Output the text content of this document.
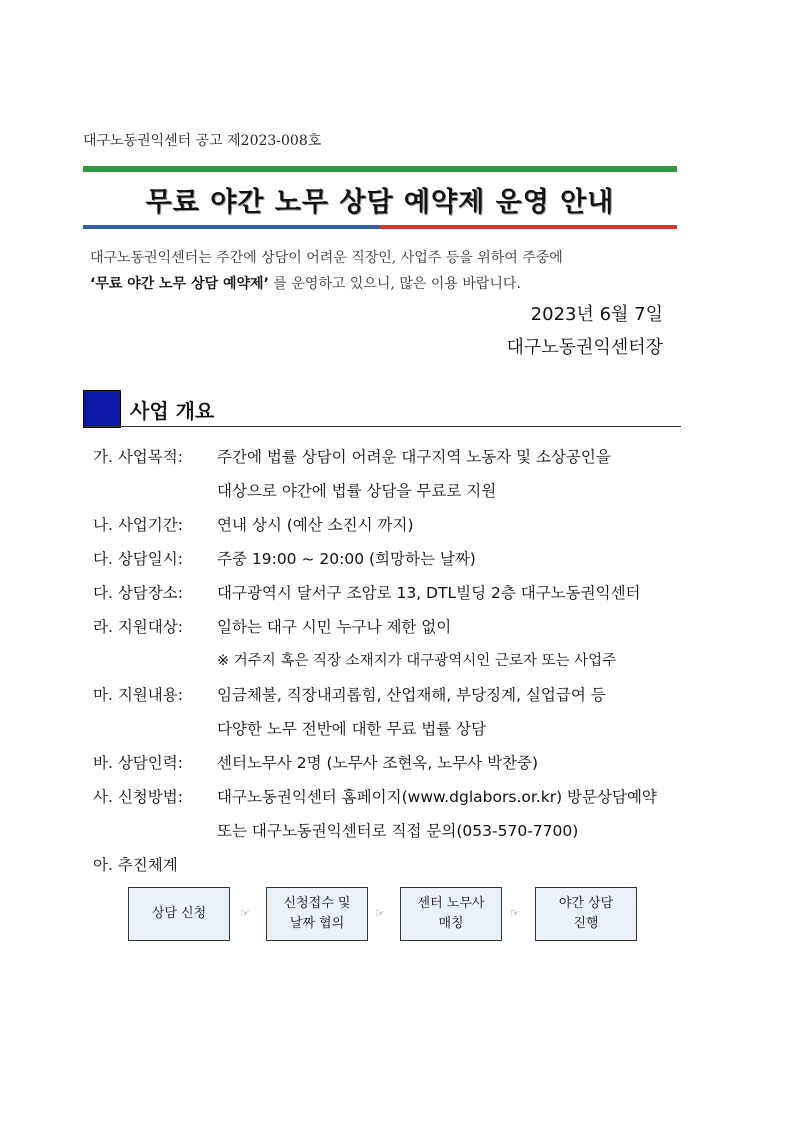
대구노동권익센터 공고 제2023-008호
무료 야간 노무 상담 예약제 운영 안내
대구노동권익센터는 주간에 상담이 어려운 직장인, 사업주 등을 위하여 주중에
‘무료 야간 노무 상담 예약제’ 를 운영하고 있으니, 많은 이용 바랍니다.
2023년 6월 7일
대구노동권익센터장
사업 개요
가. 사업목적: 주간에 법률 상담이 어려운 대구지역 노동자 및 소상공인을
대상으로 야간에 법률 상담을 무료로 지원
나. 사업기간: 연내 상시 (예산 소진시 까지)
다. 상담일시: 주중 19:00 ~ 20:00 (희망하는 날짜)
다. 상담장소: 대구광역시 달서구 조암로 13, DTL빌딩 2층 대구노동권익센터
라. 지원대상: 일하는 대구 시민 누구나 제한 없이
※ 거주지 혹은 직장 소재지가 대구광역시인 근로자 또는 사업주
마. 지원내용: 임금체불, 직장내괴롭힘, 산업재해, 부당징계, 실업급여 등
다양한 노무 전반에 대한 무료 법률 상담
바. 상담인력: 센터노무사 2명 (노무사 조현옥, 노무사 박찬중)
사. 신청방법: 대구노동권익센터 홈페이지(www.dglabors.or.kr) 방문상담예약
또는 대구노동권익센터로 직접 문의(053-570-7700)
아. 추진체계
상담 신청	☞
신청접수 및
날짜 협의
☞
센터 노무사
매칭
☞
야간 상담
진행
